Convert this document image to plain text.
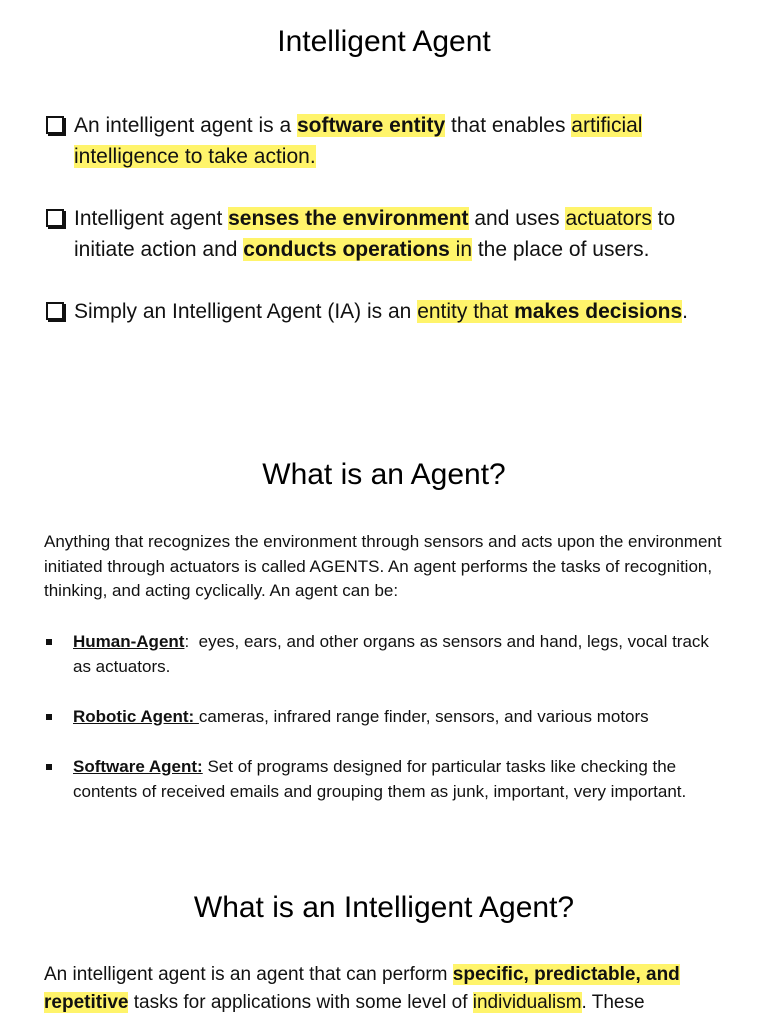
Intelligent Agent
An intelligent agent is a software entity that enables artificial intelligence to take action.
Intelligent agent senses the environment and uses actuators to initiate action and conducts operations in the place of users.
Simply an Intelligent Agent (IA) is an entity that makes decisions.
What is an Agent?

Anything that recognizes the environment through sensors and acts upon the environment initiated through actuators is called AGENTS. An agent performs the tasks of recognition, thinking, and acting cyclically. An agent can be:

Human-Agent:  eyes, ears, and other organs as sensors and hand, legs, vocal track as actuators.
Robotic Agent: cameras, infrared range finder, sensors, and various motors
Software Agent: Set of programs designed for particular tasks like checking the contents of received emails and grouping them as junk, important, very important.
What is an Intelligent Agent?

An intelligent agent is an agent that can perform specific, predictable, and repetitive tasks for applications with some level of individualism. These
